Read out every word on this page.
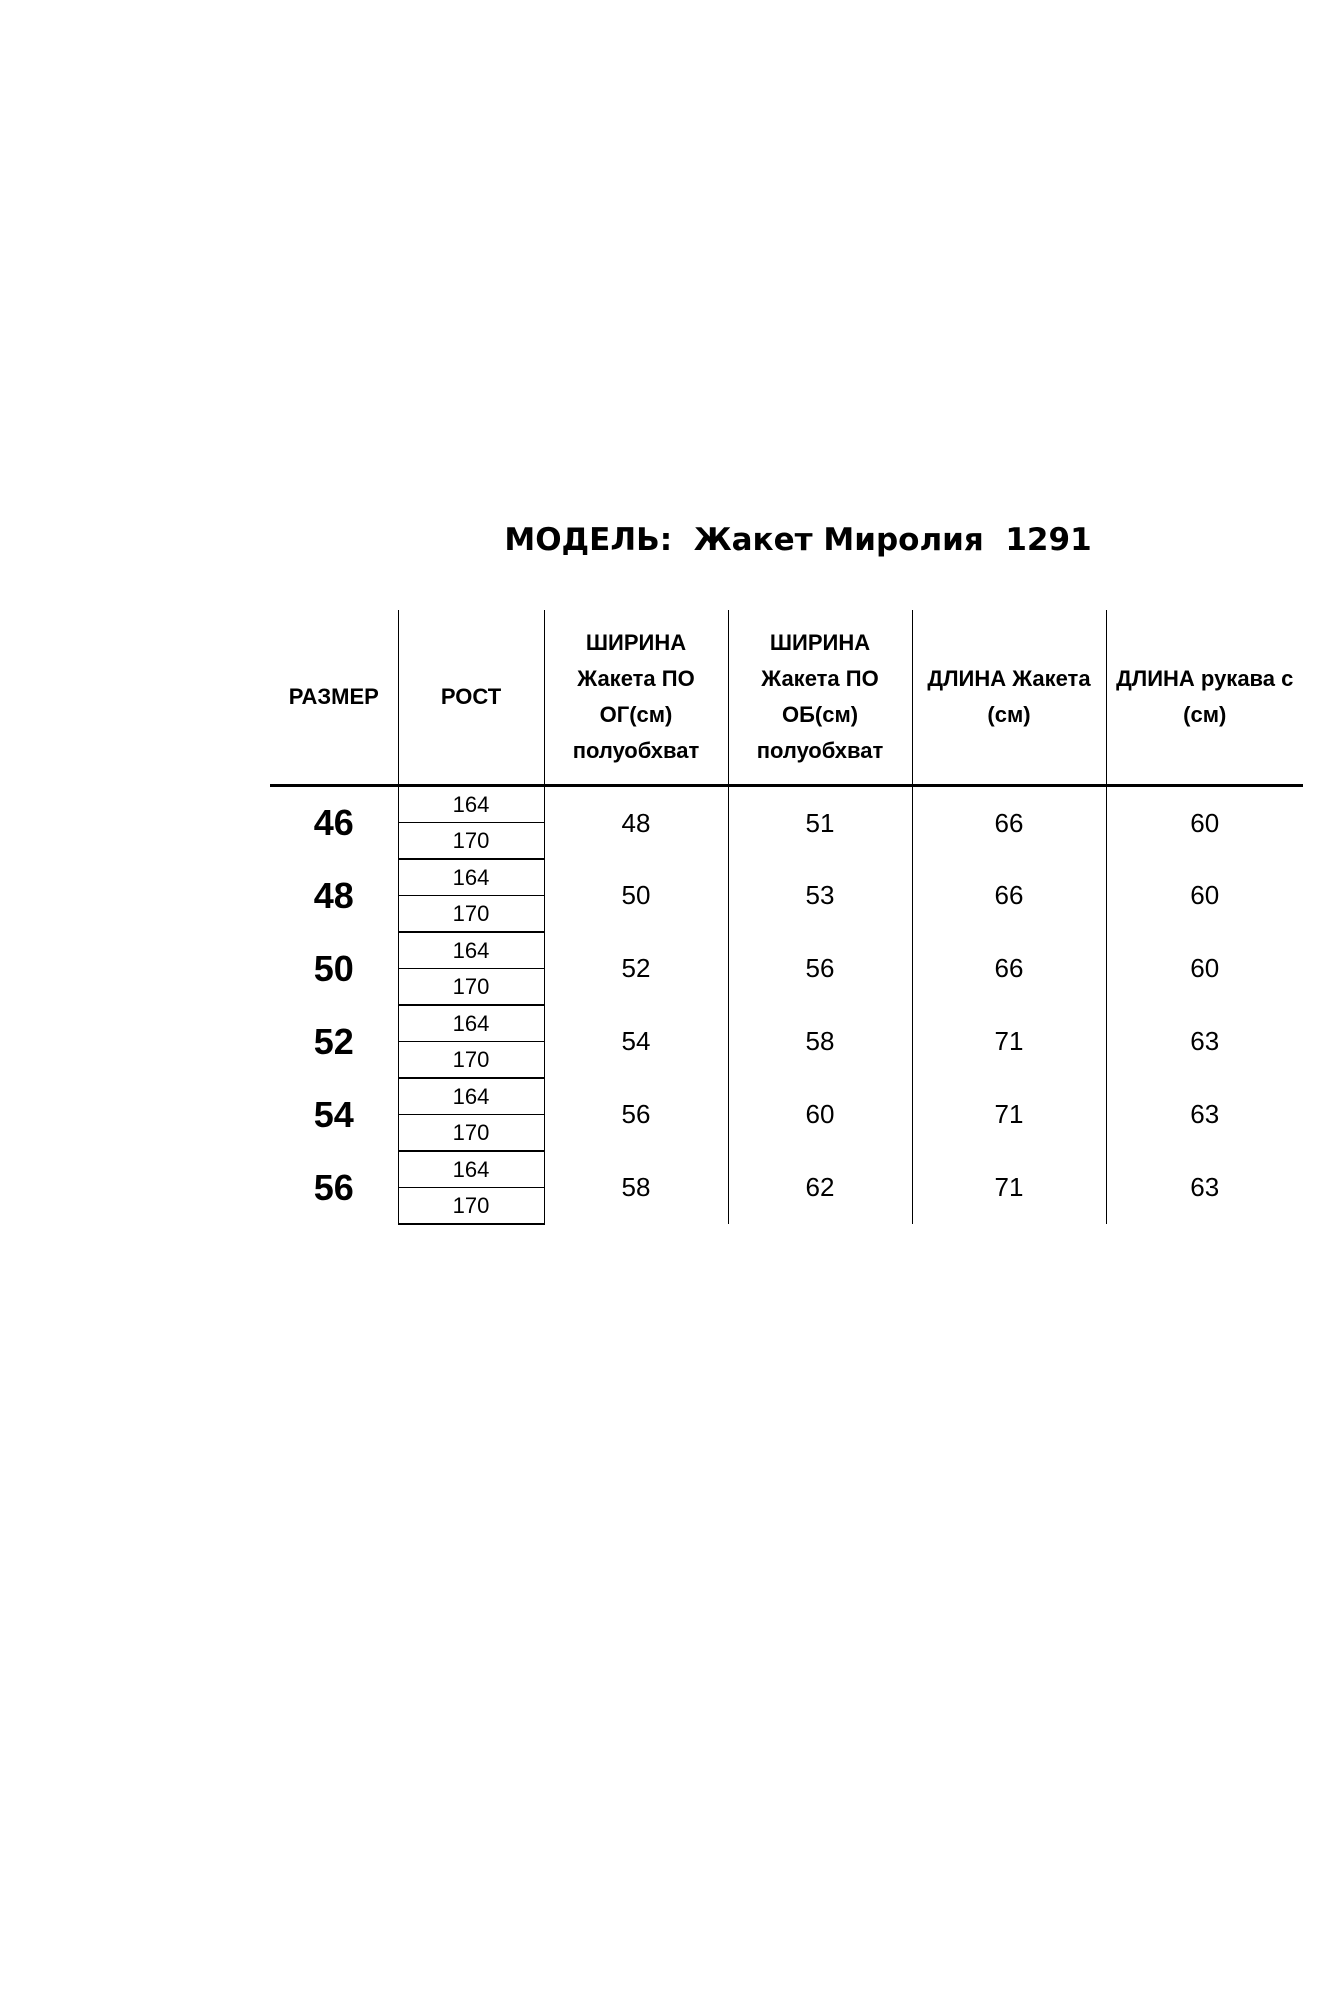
МОДЕЛЬ:  Жакет Миролия  1291
РАЗМЕР	РОСТ	ШИРИНА Жакета ПО ОГ(см) полуобхват	ШИРИНА Жакета ПО ОБ(см) полуобхват	ДЛИНА Жакета (см)	ДЛИНА рукава с (см)

46	164	48	51	66	60
	170				
48	164	50	53	66	60
	170				
50	164	52	56	66	60
	170				
52	164	54	58	71	63
	170				
54	164	56	60	71	63
	170				
56	164	58	62	71	63
	170				
